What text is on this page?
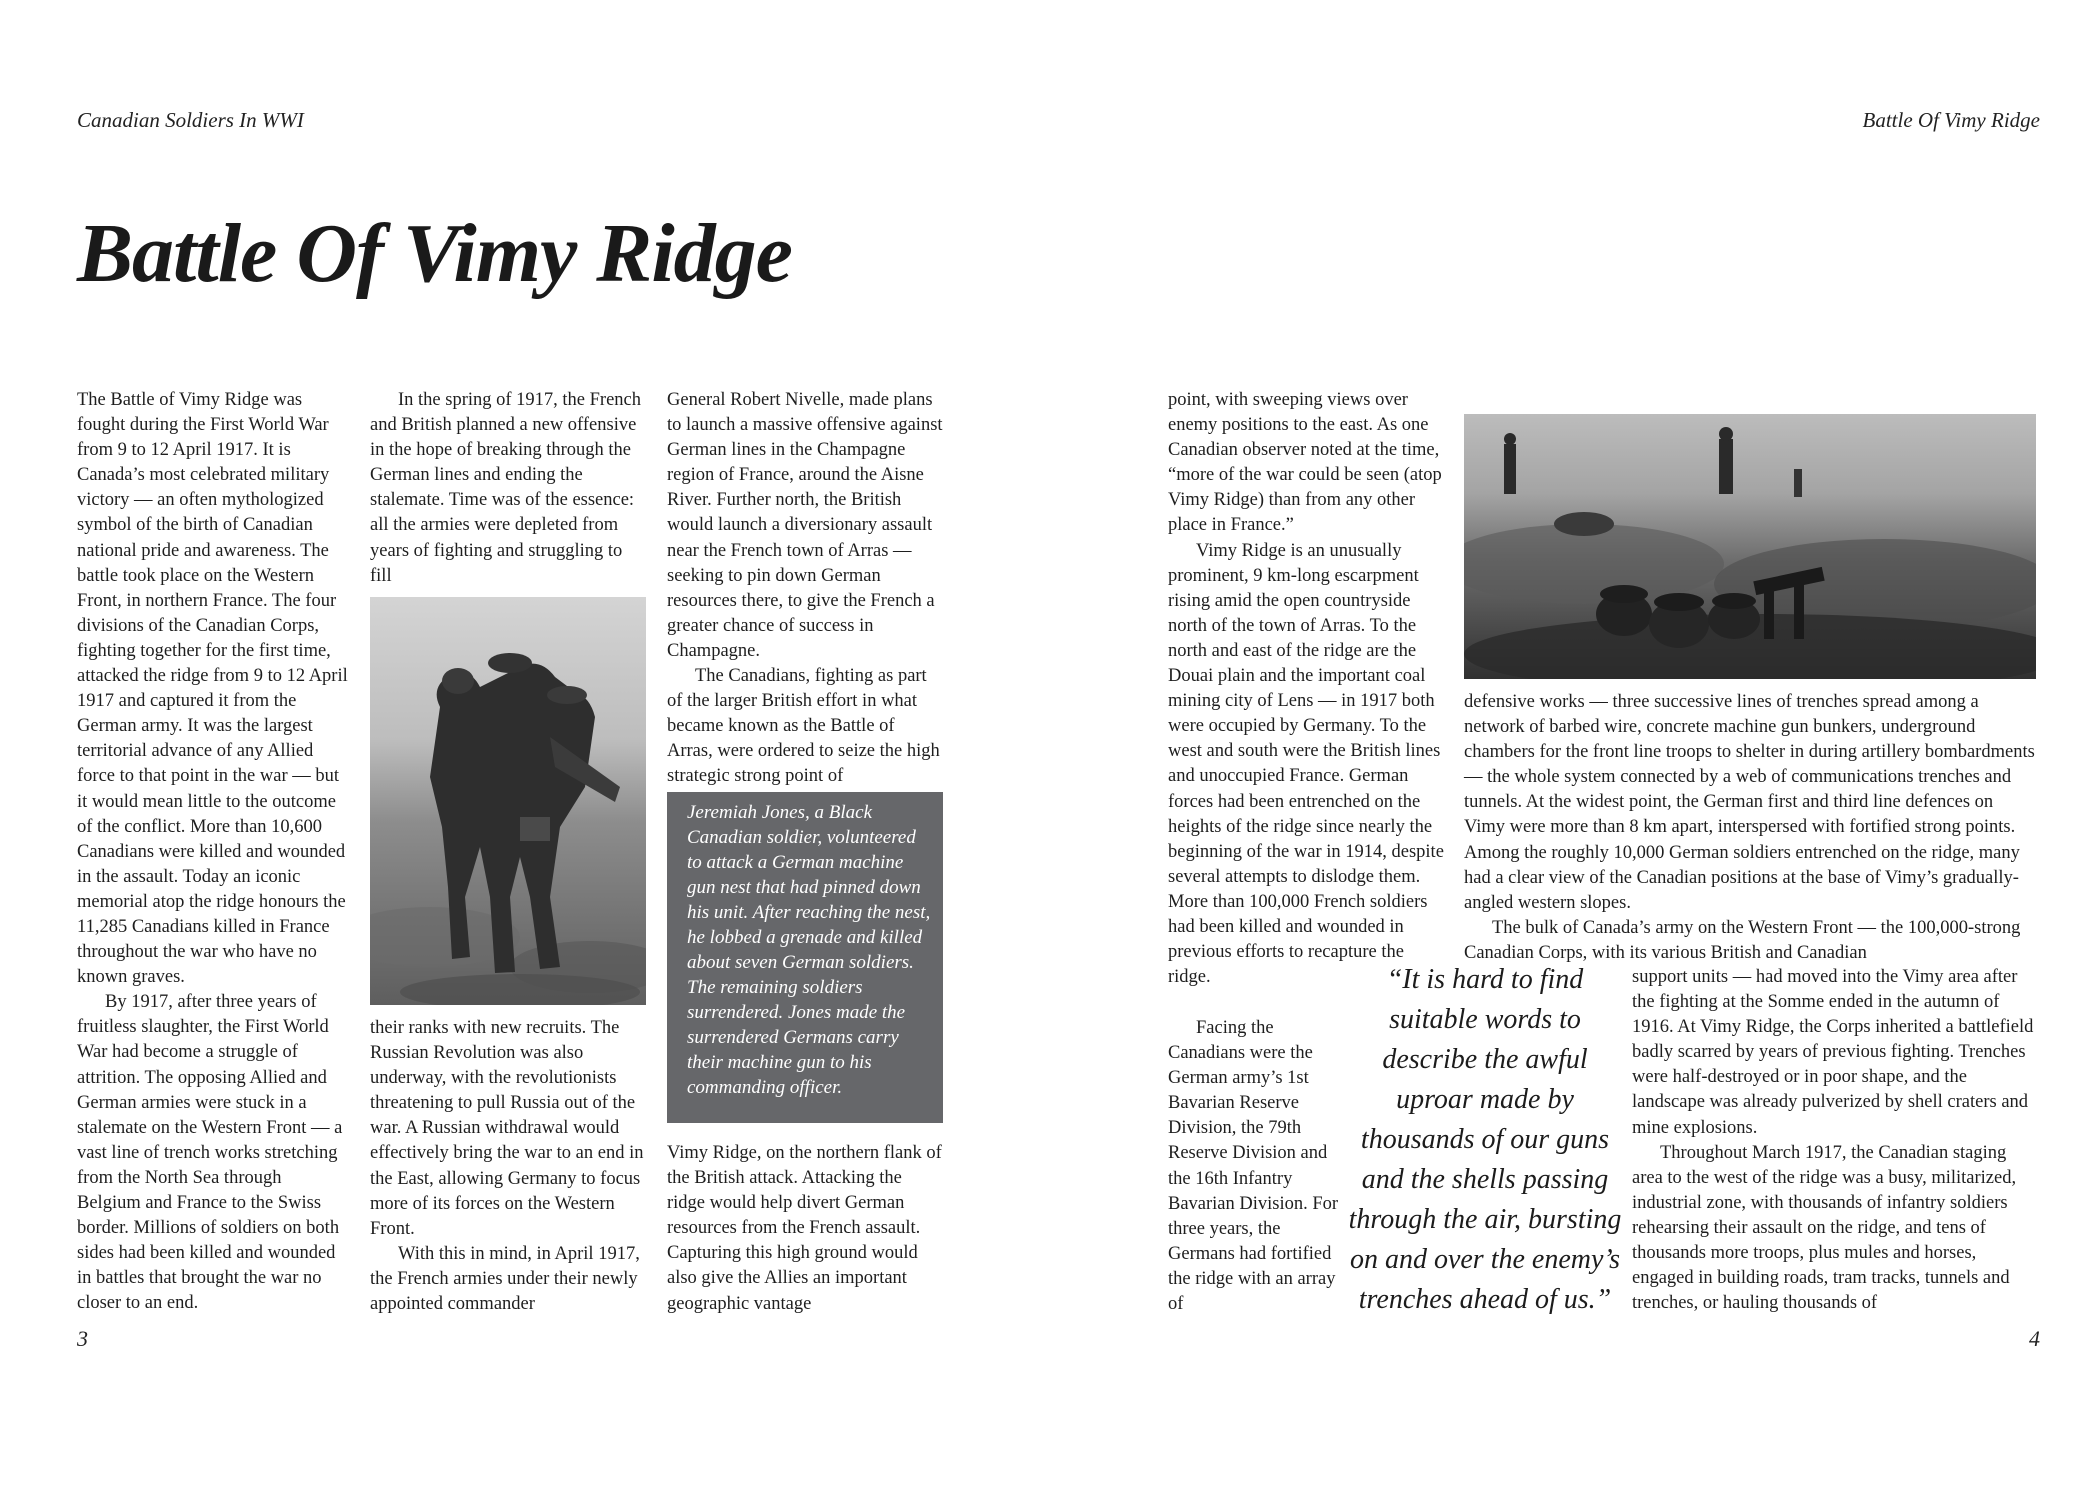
Canadian Soldiers In WWI	Battle Of Vimy Ridge
Battle Of Vimy Ridge

The Battle of Vimy Ridge was fought during the First World War from 9 to 12 April 1917. It is Canada’s most celebrated military victory — an often mythologized symbol of the birth of Canadian national pride and awareness. The battle took place on the Western Front, in northern France. The four divisions of the Canadian Corps, fighting together for the first time, attacked the ridge from 9 to 12 April 1917 and captured it from the German army. It was the largest territorial advance of any Allied force to that point in the war — but it would mean little to the outcome of the conflict. More than 10,600 Canadians were killed and wounded in the assault. Today an iconic memorial atop the ridge honours the 11,285 Canadians killed in France throughout the war who have no known graves.

By 1917, after three years of fruitless slaughter, the First World War had become a struggle of attrition. The opposing Allied and German armies were stuck in a stalemate on the Western Front — a vast line of trench works stretching from the North Sea through Belgium and France to the Swiss border. Millions of soldiers on both sides had been killed and wounded in battles that brought the war no closer to an end.

In the spring of 1917, the French and British planned a new offensive in the hope of breaking through the German lines and ending the stalemate. Time was of the essence: all the armies were depleted from years of fighting and struggling to fill

their ranks with new recruits. The Russian Revolution was also underway, with the revolutionists threatening to pull Russia out of the war. A Russian withdrawal would effectively bring the war to an end in the East, allowing Germany to focus more of its forces on the Western Front.

With this in mind, in April 1917, the French armies under their newly appointed commander

General Robert Nivelle, made plans to launch a massive offensive against German lines in the Champagne region of France, around the Aisne River. Further north, the British would launch a diversionary assault near the French town of Arras — seeking to pin down German resources there, to give the French a greater chance of success in Champagne.

The Canadians, fighting as part of the larger British effort in what became known as the Battle of Arras, were ordered to seize the high strategic strong point of

Jeremiah Jones, a Black Canadian soldier, volunteered to attack a German machine gun nest that had pinned down his unit. After reaching the nest, he lobbed a grenade and killed about seven German soldiers. The remaining soldiers surrendered. Jones made the surrendered Germans carry their machine gun to his commanding officer.

Vimy Ridge, on the northern flank of the British attack. Attacking the ridge would help divert German resources from the French assault. Capturing this high ground would also give the Allies an important geographic vantage

point, with sweeping views over enemy positions to the east. As one Canadian observer noted at the time, “more of the war could be seen (atop Vimy Ridge) than from any other place in France.”

Vimy Ridge is an unusually prominent, 9 km-long escarpment rising amid the open countryside north of the town of Arras. To the north and east of the ridge are the Douai plain and the important coal mining city of Lens — in 1917 both were occupied by Germany. To the west and south were the British lines and unoccupied France. German forces had been entrenched on the heights of the ridge since nearly the beginning of the war in 1914, despite several attempts to dislodge them. More than 100,000 French soldiers had been killed and wounded in previous efforts to recapture the ridge.

Facing the Canadians were the German army’s 1st Bavarian Reserve Division, the 79th Reserve Division and the 16th Infantry Bavarian Division. For three years, the Germans had fortified the ridge with an array of

defensive works — three successive lines of trenches spread among a network of barbed wire, concrete machine gun bunkers, underground chambers for the front line troops to shelter in during artillery bombardments — the whole system connected by a web of communications trenches and tunnels. At the widest point, the German first and third line defences on Vimy were more than 8 km apart, interspersed with fortified strong points. Among the roughly 10,000 German soldiers entrenched on the ridge, many had a clear view of the Canadian positions at the base of Vimy’s gradually-angled western slopes.

The bulk of Canada’s army on the Western Front — the 100,000-strong Canadian Corps, with its various British and Canadian

support units — had moved into the Vimy area after the fighting at the Somme ended in the autumn of 1916. At Vimy Ridge, the Corps inherited a battlefield badly scarred by years of previous fighting. Trenches were half-destroyed or in poor shape, and the landscape was already pulverized by shell craters and mine explosions.

Throughout March 1917, the Canadian staging area to the west of the ridge was a busy, militarized, industrial zone, with thousands of infantry soldiers rehearsing their assault on the ridge, and tens of thousands more troops, plus mules and horses, engaged in building roads, tram tracks, tunnels and trenches, or hauling thousands of

“It is hard to find suitable words to describe the awful uproar made by thousands of our guns and the shells passing through the air, bursting on and over the enemy’s trenches ahead of us.”
3	4
